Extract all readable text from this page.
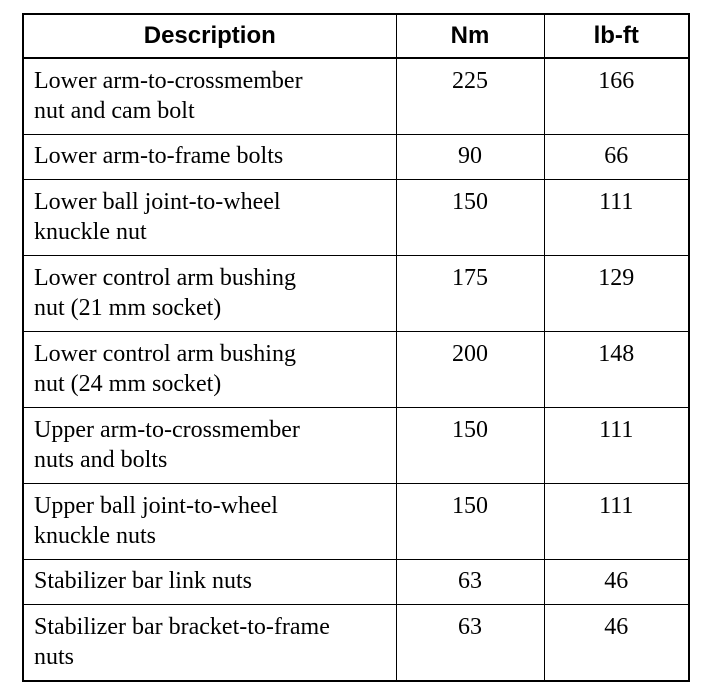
Description	Nm	lb-ft

Lower arm-to-crossmember
nut and cam bolt	225	166

Lower arm-to-frame bolts	90	66

Lower ball joint-to-wheel
knuckle nut	150	111

Lower control arm bushing
nut (21 mm socket)	175	129

Lower control arm bushing
nut (24 mm socket)	200	148

Upper arm-to-crossmember
nuts and bolts	150	111

Upper ball joint-to-wheel
knuckle nuts	150	111

Stabilizer bar link nuts	63	46

Stabilizer bar bracket-to-frame
nuts	63	46
